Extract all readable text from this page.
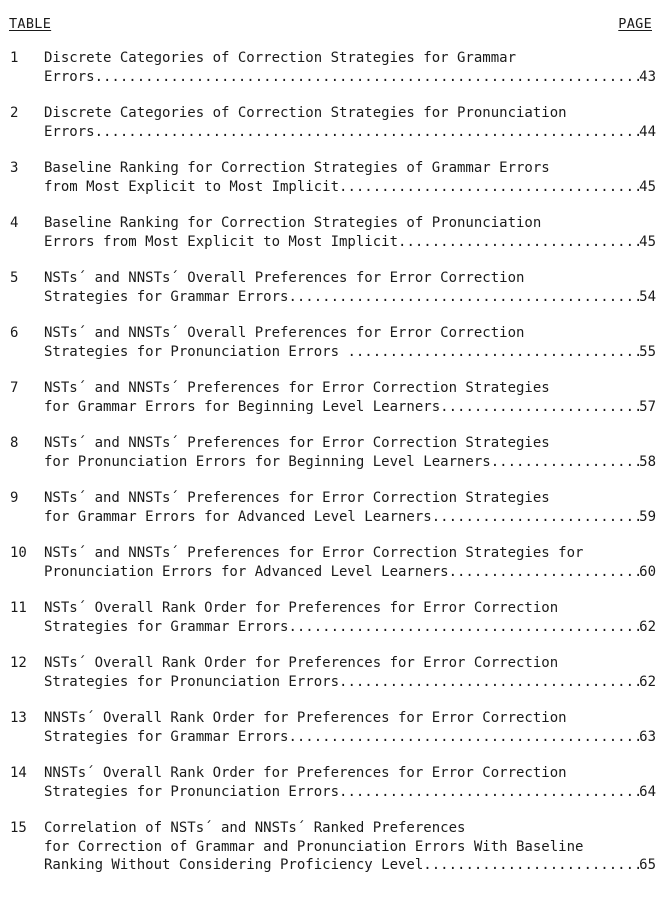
TABLE	PAGE
1	Discrete Categories of Correction Strategies for Grammar
Errors .....	43
2	Discrete Categories of Correction Strategies for Pronunciation
Errors .....	44
3	Baseline Ranking for Correction Strategies of Grammar Errors
from Most Explicit to Most Implicit .....	45
4	Baseline Ranking for Correction Strategies of Pronunciation
Errors from Most Explicit to Most Implicit .....	45
5	NSTs´ and NNSTs´ Overall Preferences for Error Correction
Strategies for Grammar Errors .....	54
6	NSTs´ and NNSTs´ Overall Preferences for Error Correction
Strategies for Pronunciation Errors .....	55
7	NSTs´ and NNSTs´ Preferences for Error Correction Strategies
for Grammar Errors for Beginning Level Learners .....	57
8	NSTs´ and NNSTs´ Preferences for Error Correction Strategies
for Pronunciation Errors for Beginning Level Learners .....	58
9	NSTs´ and NNSTs´ Preferences for Error Correction Strategies
for Grammar Errors for Advanced Level Learners .....	59
10	NSTs´ and NNSTs´ Preferences for Error Correction Strategies for
Pronunciation Errors for Advanced Level Learners .....	60
11	NSTs´ Overall Rank Order for Preferences for Error Correction
Strategies for Grammar Errors .....	62
12	NSTs´ Overall Rank Order for Preferences for Error Correction
Strategies for Pronunciation Errors .....	62
13	NNSTs´ Overall Rank Order for Preferences for Error Correction
Strategies for Grammar Errors .....	63
14	NNSTs´ Overall Rank Order for Preferences for Error Correction
Strategies for Pronunciation Errors .....	64
15	Correlation of NSTs´ and NNSTs´ Ranked Preferences
for Correction of Grammar and Pronunciation Errors With Baseline
Ranking Without Considering Proficiency Level .....	65
